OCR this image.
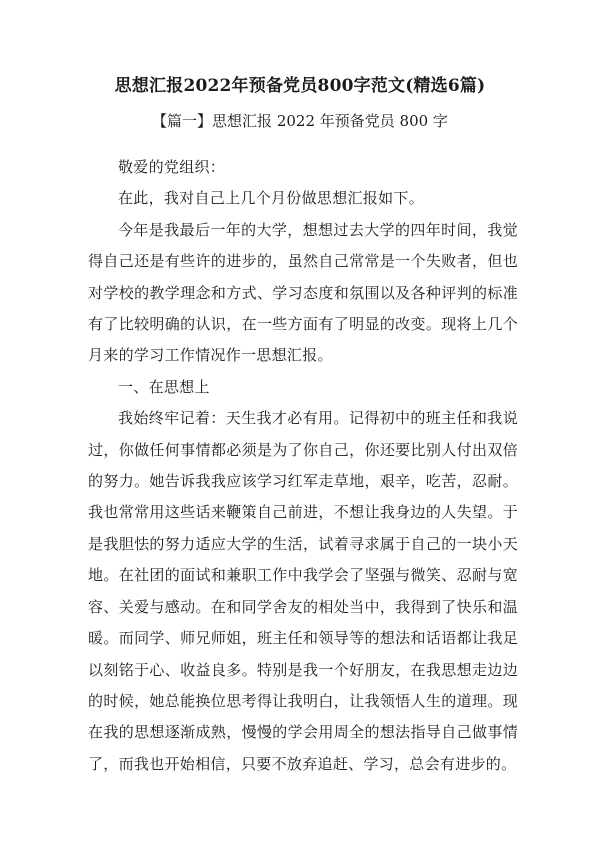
思想汇报2022年预备党员800字范文(精选6篇)
【篇一】思想汇报 2022 年预备党员 800 字

敬爱的党组织：

在此，我对自己上几个月份做思想汇报如下。

今年是我最后一年的大学，想想过去大学的四年时间，我觉得自己还是有些许的进步的，虽然自己常常是一个失败者，但也对学校的教学理念和方式、学习态度和氛围以及各种评判的标准有了比较明确的认识，在一些方面有了明显的改变。现将上几个月来的学习工作情况作一思想汇报。

一、在思想上

我始终牢记着：天生我才必有用。记得初中的班主任和我说过，你做任何事情都必须是为了你自己，你还要比别人付出双倍的努力。她告诉我我应该学习红军走草地，艰辛，吃苦，忍耐。我也常常用这些话来鞭策自己前进，不想让我身边的人失望。于是我胆怯的努力适应大学的生活，试着寻求属于自己的一块小天地。在社团的面试和兼职工作中我学会了坚强与微笑、忍耐与宽容、关爱与感动。在和同学舍友的相处当中，我得到了快乐和温暖。而同学、师兄师姐，班主任和领导等的想法和话语都让我足以刻铭于心、收益良多。特别是我一个好朋友，在我思想走边边的时候，她总能换位思考得让我明白，让我领悟人生的道理。现在我的思想逐渐成熟，慢慢的学会用周全的想法指导自己做事情了，而我也开始相信，只要不放弃追赶、学习，总会有进步的。
